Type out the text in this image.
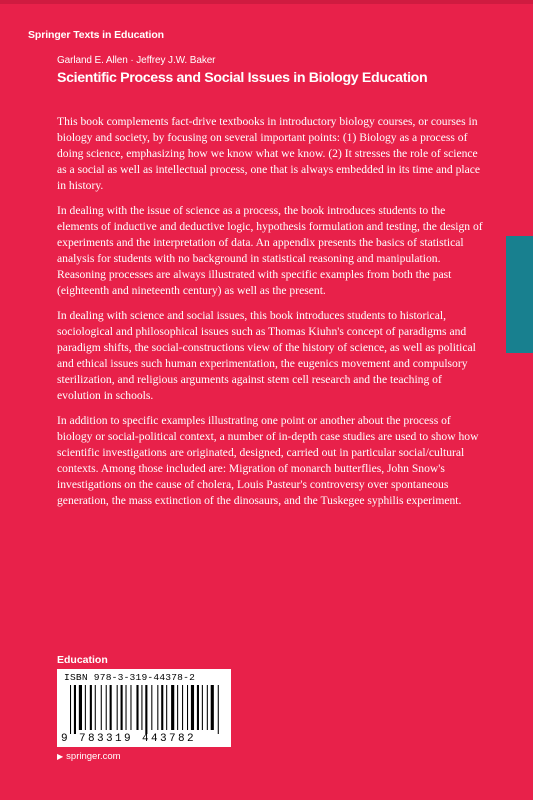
Springer Texts in Education
Garland E. Allen · Jeffrey J.W. Baker
Scientific Process and Social Issues in Biology Education

This book complements fact-drive textbooks in introductory biology courses, or courses in biology and society, by focusing on several important points: (1) Biology as a process of doing science, emphasizing how we know what we know. (2) It stresses the role of science as a social as well as intellectual process, one that is always embedded in its time and place in history.

In dealing with the issue of science as a process, the book introduces students to the elements of inductive and deductive logic, hypothesis formulation and testing, the design of experiments and the interpretation of data. An appendix presents the basics of statistical analysis for students with no background in statistical reasoning and manipulation. Reasoning processes are always illustrated with specific examples from both the past (eighteenth and nineteenth century) as well as the present.

In dealing with science and social issues, this book introduces students to historical, sociological and philosophical issues such as Thomas Kiuhn's concept of paradigms and paradigm shifts, the social-constructions view of the history of science, as well as political and ethical issues such human experimentation, the eugenics movement and compulsory sterilization, and religious arguments against stem cell research and the teaching of evolution in schools.

In addition to specific examples illustrating one point or another about the process of biology or social-political context, a number of in-depth case studies are used to show how scientific investigations are originated, designed, carried out in particular social/cultural contexts. Among those included are: Migration of monarch butterflies, John Snow's investigations on the cause of cholera, Louis Pasteur's controversy over spontaneous generation, the mass extinction of the dinosaurs, and the Tuskegee syphilis experiment.

Education
ISBN 978-3-319-44378-2
9 783319 443782
▶ springer.com
